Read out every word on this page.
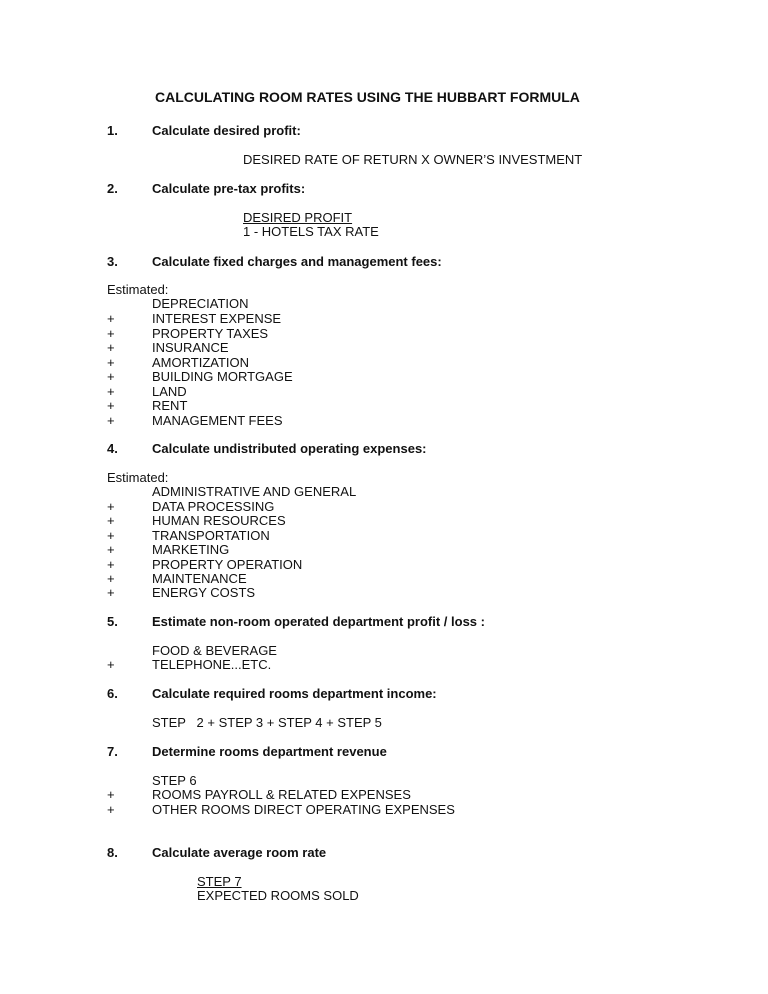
CALCULATING ROOM RATES USING THE HUBBART FORMULA
1.	Calculate desired profit:
DESIRED RATE OF RETURN X OWNER’S INVESTMENT
2.	Calculate pre-tax profits:
DESIRED PROFIT
1 - HOTELS TAX RATE
3.	Calculate fixed charges and management fees:
Estimated:
DEPRECIATION
+	INTEREST EXPENSE
+	PROPERTY TAXES
+	INSURANCE
+	AMORTIZATION
+	BUILDING MORTGAGE
+	LAND
+	RENT
+	MANAGEMENT FEES
4.	Calculate undistributed operating expenses:
Estimated:
ADMINISTRATIVE AND GENERAL
+	DATA PROCESSING
+	HUMAN RESOURCES
+	TRANSPORTATION
+	MARKETING
+	PROPERTY OPERATION
+	MAINTENANCE
+	ENERGY COSTS
5.	Estimate non-room operated department profit / loss :
FOOD & BEVERAGE
+	TELEPHONE...ETC.
6.	Calculate required rooms department income:
STEP   2 + STEP 3 + STEP 4 + STEP 5
7.	Determine rooms department revenue
STEP 6
+	ROOMS PAYROLL & RELATED EXPENSES
+	OTHER ROOMS DIRECT OPERATING EXPENSES
8.	Calculate average room rate
STEP 7
EXPECTED ROOMS SOLD
